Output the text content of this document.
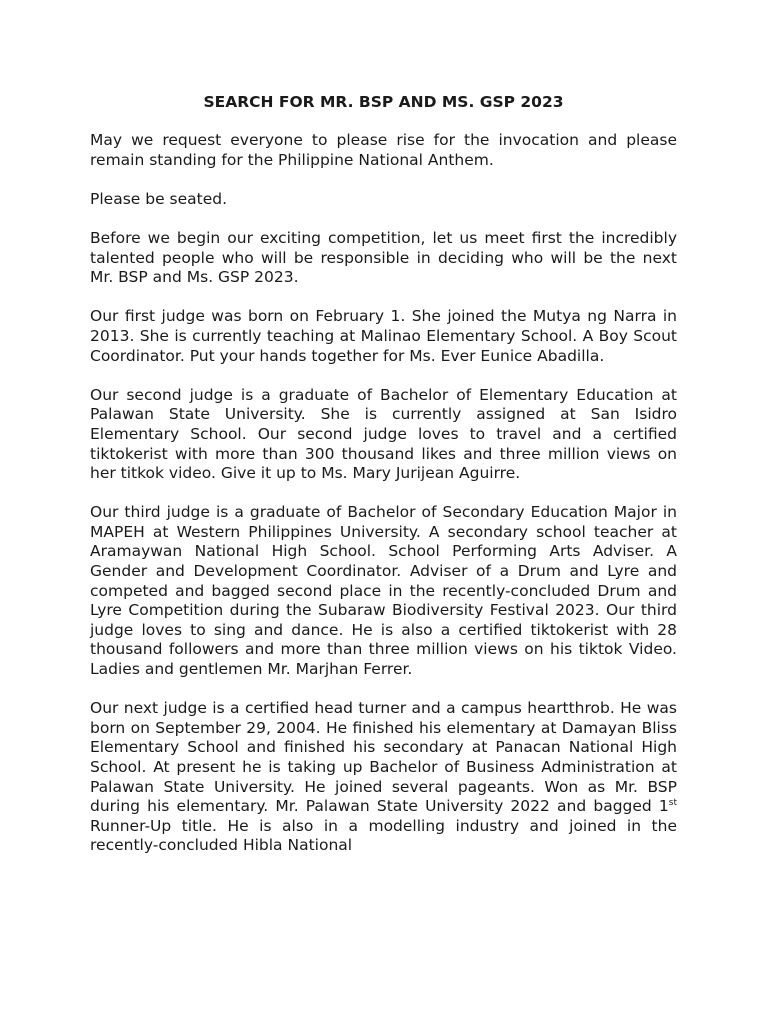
SEARCH FOR MR. BSP AND MS. GSP 2023

May we request everyone to please rise for the invocation and please remain standing for the Philippine National Anthem.

Please be seated.

Before we begin our exciting competition, let us meet first the incredibly talented people who will be responsible in deciding who will be the next Mr. BSP and Ms. GSP 2023.

Our first judge was born on February 1. She joined the Mutya ng Narra in 2013. She is currently teaching at Malinao Elementary School. A Boy Scout Coordinator. Put your hands together for Ms. Ever Eunice Abadilla.

Our second judge is a graduate of Bachelor of Elementary Education at Palawan State University. She is currently assigned at San Isidro Elementary School. Our second judge loves to travel and a certified tiktokerist with more than 300 thousand likes and three million views on her titkok video. Give it up to Ms. Mary Jurijean Aguirre.

Our third judge is a graduate of Bachelor of Secondary Education Major in MAPEH at Western Philippines University. A secondary school teacher at Aramaywan National High School. School Performing Arts Adviser. A Gender and Development Coordinator. Adviser of a Drum and Lyre and competed and bagged second place in the recently-concluded Drum and Lyre Competition during the Subaraw Biodiversity Festival 2023. Our third judge loves to sing and dance. He is also a certified tiktokerist with 28 thousand followers and more than three million views on his tiktok Video. Ladies and gentlemen Mr. Marjhan Ferrer.

Our next judge is a certified head turner and a campus heartthrob. He was born on September 29, 2004. He finished his elementary at Damayan Bliss Elementary School and finished his secondary at Panacan National High School. At present he is taking up Bachelor of Business Administration at Palawan State University. He joined several pageants. Won as Mr. BSP during his elementary. Mr. Palawan State University 2022 and bagged 1st Runner-Up title. He is also in a modelling industry and joined in the recently-concluded Hibla National
